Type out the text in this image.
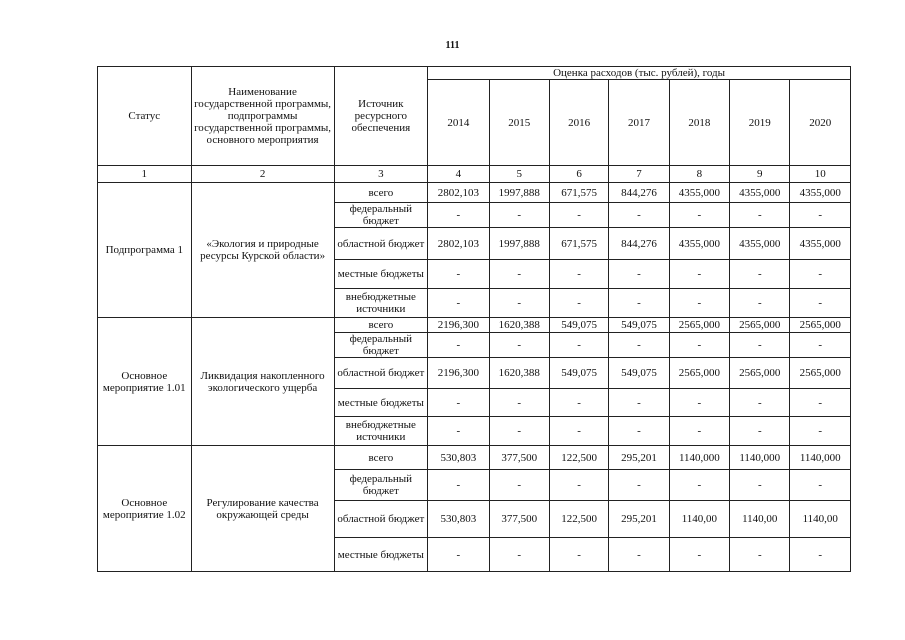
111
Статус	Наименование государственной программы, подпрограммы государственной программы, основного мероприятия	Источник ресурсного обеспечения	Оценка расходов (тыс. рублей), годы						
			2014	2015	2016	2017	2018	2019	2020
1	2	3	4	5	6	7	8	9	10
Подпрограмма 1	«Экология и природные ресурсы Курской области»	всего	2802,103	1997,888	671,575	844,276	4355,000	4355,000	4355,000
		федеральный бюджет	-	-	-	-	-	-	-
		областной бюджет	2802,103	1997,888	671,575	844,276	4355,000	4355,000	4355,000
		местные бюджеты	-	-	-	-	-	-	-
		внебюджетные источники	-	-	-	-	-	-	-
Основное мероприятие 1.01	Ликвидация накопленного экологического ущерба	всего	2196,300	1620,388	549,075	549,075	2565,000	2565,000	2565,000
		федеральный бюджет	-	-	-	-	-	-	-
		областной бюджет	2196,300	1620,388	549,075	549,075	2565,000	2565,000	2565,000
		местные бюджеты	-	-	-	-	-	-	-
		внебюджетные источники	-	-	-	-	-	-	-
Основное мероприятие 1.02	Регулирование качества окружающей среды	всего	530,803	377,500	122,500	295,201	1140,000	1140,000	1140,000
		федеральный бюджет	-	-	-	-	-	-	-
		областной бюджет	530,803	377,500	122,500	295,201	1140,00	1140,00	1140,00
		местные бюджеты	-	-	-	-	-	-	-
